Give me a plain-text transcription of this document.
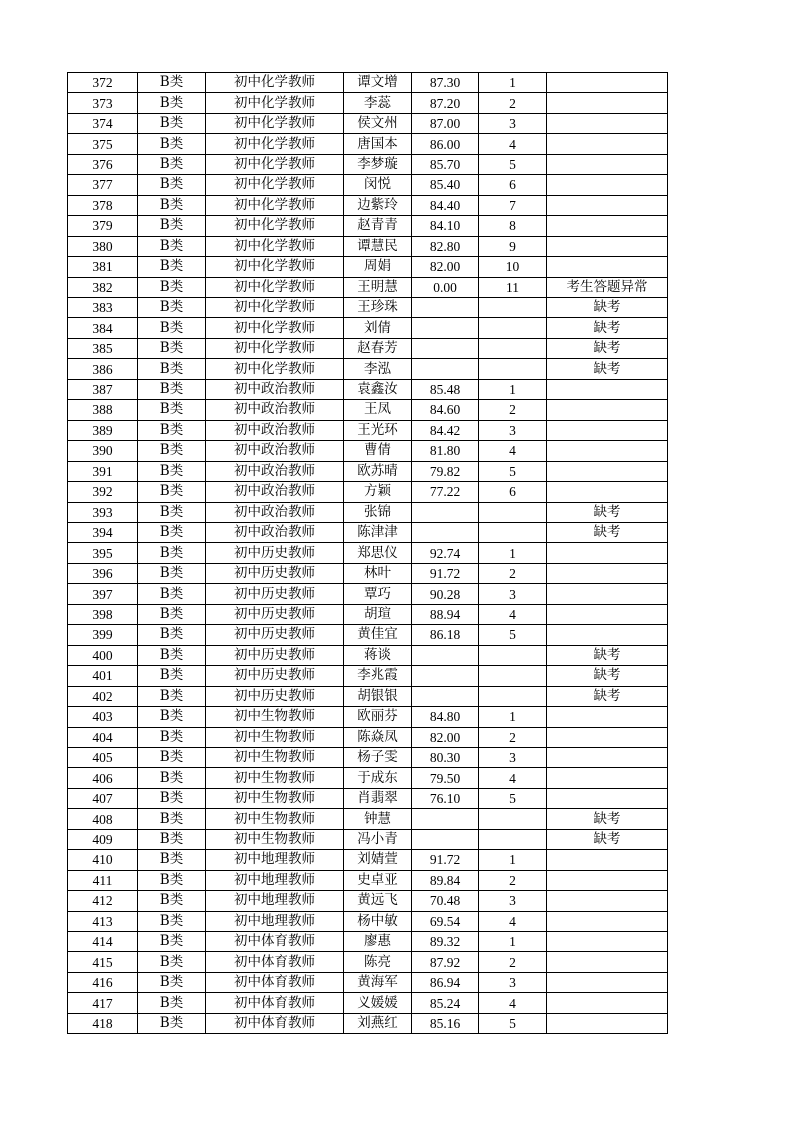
372	B类	初中化学教师	谭文增	87.30	1	
373	B类	初中化学教师	李蕊	87.20	2	
374	B类	初中化学教师	侯文州	87.00	3	
375	B类	初中化学教师	唐国本	86.00	4	
376	B类	初中化学教师	李梦璇	85.70	5	
377	B类	初中化学教师	闵悦	85.40	6	
378	B类	初中化学教师	边紫玲	84.40	7	
379	B类	初中化学教师	赵青青	84.10	8	
380	B类	初中化学教师	谭慧民	82.80	9	
381	B类	初中化学教师	周娟	82.00	10	
382	B类	初中化学教师	王明慧	0.00	11	考生答题异常
383	B类	初中化学教师	王珍珠			缺考
384	B类	初中化学教师	刘倩			缺考
385	B类	初中化学教师	赵春芳			缺考
386	B类	初中化学教师	李泓			缺考
387	B类	初中政治教师	袁鑫汝	85.48	1	
388	B类	初中政治教师	王凤	84.60	2	
389	B类	初中政治教师	王光环	84.42	3	
390	B类	初中政治教师	曹倩	81.80	4	
391	B类	初中政治教师	欧苏晴	79.82	5	
392	B类	初中政治教师	方颖	77.22	6	
393	B类	初中政治教师	张锦			缺考
394	B类	初中政治教师	陈津津			缺考
395	B类	初中历史教师	郑思仪	92.74	1	
396	B类	初中历史教师	林叶	91.72	2	
397	B类	初中历史教师	覃巧	90.28	3	
398	B类	初中历史教师	胡瑄	88.94	4	
399	B类	初中历史教师	黄佳宜	86.18	5	
400	B类	初中历史教师	蒋谈			缺考
401	B类	初中历史教师	李兆霞			缺考
402	B类	初中历史教师	胡银银			缺考
403	B类	初中生物教师	欧丽芬	84.80	1	
404	B类	初中生物教师	陈焱凤	82.00	2	
405	B类	初中生物教师	杨子雯	80.30	3	
406	B类	初中生物教师	于成东	79.50	4	
407	B类	初中生物教师	肖翡翠	76.10	5	
408	B类	初中生物教师	钟慧			缺考
409	B类	初中生物教师	冯小青			缺考
410	B类	初中地理教师	刘婧萱	91.72	1	
411	B类	初中地理教师	史卓亚	89.84	2	
412	B类	初中地理教师	黄远飞	70.48	3	
413	B类	初中地理教师	杨中敏	69.54	4	
414	B类	初中体育教师	廖惠	89.32	1	
415	B类	初中体育教师	陈亮	87.92	2	
416	B类	初中体育教师	黄海军	86.94	3	
417	B类	初中体育教师	义媛媛	85.24	4	
418	B类	初中体育教师	刘燕红	85.16	5	
